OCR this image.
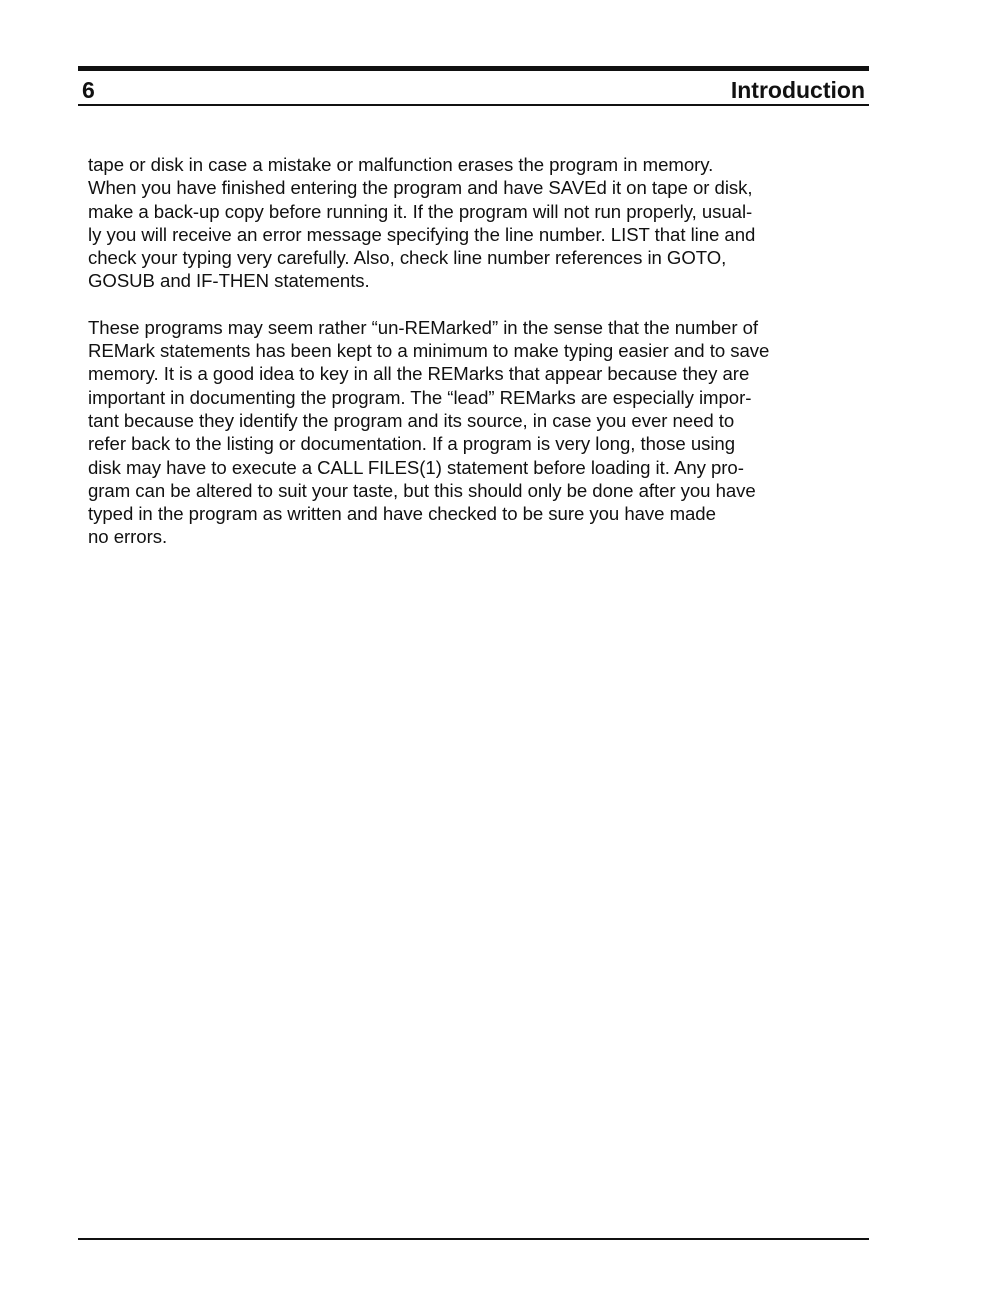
6	Introduction

tape or disk in case a mistake or malfunction erases the program in memory.
When you have finished entering the program and have SAVEd it on tape or disk,
make a back-up copy before running it. If the program will not run properly, usual-
ly you will receive an error message specifying the line number. LIST that line and
check your typing very carefully. Also, check line number references in GOTO,
GOSUB and IF-THEN statements.

These programs may seem rather “un-REMarked” in the sense that the number of
REMark statements has been kept to a minimum to make typing easier and to save
memory. It is a good idea to key in all the REMarks that appear because they are
important in documenting the program. The “lead” REMarks are especially impor-
tant because they identify the program and its source, in case you ever need to
refer back to the listing or documentation. If a program is very long, those using
disk may have to execute a CALL FILES(1) statement before loading it. Any pro-
gram can be altered to suit your taste, but this should only be done after you have
typed in the program as written and have checked to be sure you have made
no errors.
